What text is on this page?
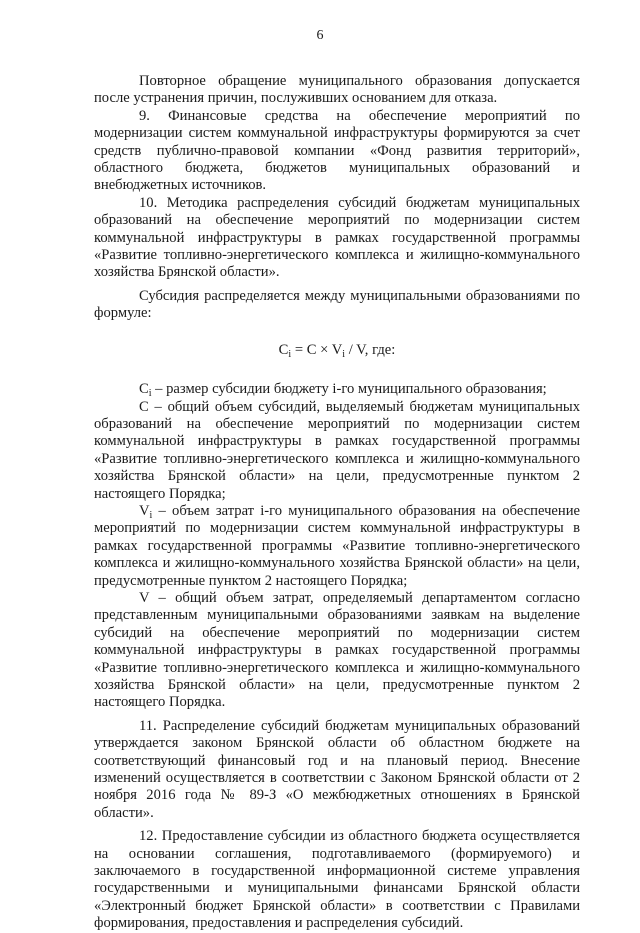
6

Повторное обращение муниципального образования допускается после устранения причин, послуживших основанием для отказа.

9. Финансовые средства на обеспечение мероприятий по модернизации систем коммунальной инфраструктуры формируются за счет средств публично-правовой компании «Фонд развития территорий», областного бюджета, бюджетов муниципальных образований и внебюджетных источников.

10. Методика распределения субсидий бюджетам муниципальных образований на обеспечение мероприятий по модернизации систем коммунальной инфраструктуры в рамках государственной программы «Развитие топливно-энергетического комплекса и жилищно-коммунального хозяйства Брянской области».

Субсидия распределяется между муниципальными образованиями по формуле:

$C_i = C \times V_i / V$, где:

$C_i$ – размер субсидии бюджету i-го муниципального образования;

С – общий объем субсидий, выделяемый бюджетам муниципальных образований на обеспечение мероприятий по модернизации систем коммунальной инфраструктуры в рамках государственной программы «Развитие топливно-энергетического комплекса и жилищно-коммунального хозяйства Брянской области» на цели, предусмотренные пунктом 2 настоящего Порядка;

$V_i$ – объем затрат i-го муниципального образования на обеспечение мероприятий по модернизации систем коммунальной инфраструктуры в рамках государственной программы «Развитие топливно-энергетического комплекса и жилищно-коммунального хозяйства Брянской области» на цели, предусмотренные пунктом 2 настоящего Порядка;

V – общий объем затрат, определяемый департаментом согласно представленным муниципальными образованиями заявкам на выделение субсидий на обеспечение мероприятий по модернизации систем коммунальной инфраструктуры в рамках государственной программы «Развитие топливно-энергетического комплекса и жилищно-коммунального хозяйства Брянской области» на цели, предусмотренные пунктом 2 настоящего Порядка.

11. Распределение субсидий бюджетам муниципальных образований утверждается законом Брянской области об областном бюджете на соответствующий финансовый год и на плановый период. Внесение изменений осуществляется в соответствии с Законом Брянской области от 2 ноября 2016 года № 89-З «О межбюджетных отношениях в Брянской области».

12. Предоставление субсидии из областного бюджета осуществляется на основании соглашения, подготавливаемого (формируемого) и заключаемого в государственной информационной системе управления государственными и муниципальными финансами Брянской области «Электронный бюджет Брянской области» в соответствии с Правилами формирования, предоставления и распределения субсидий.
